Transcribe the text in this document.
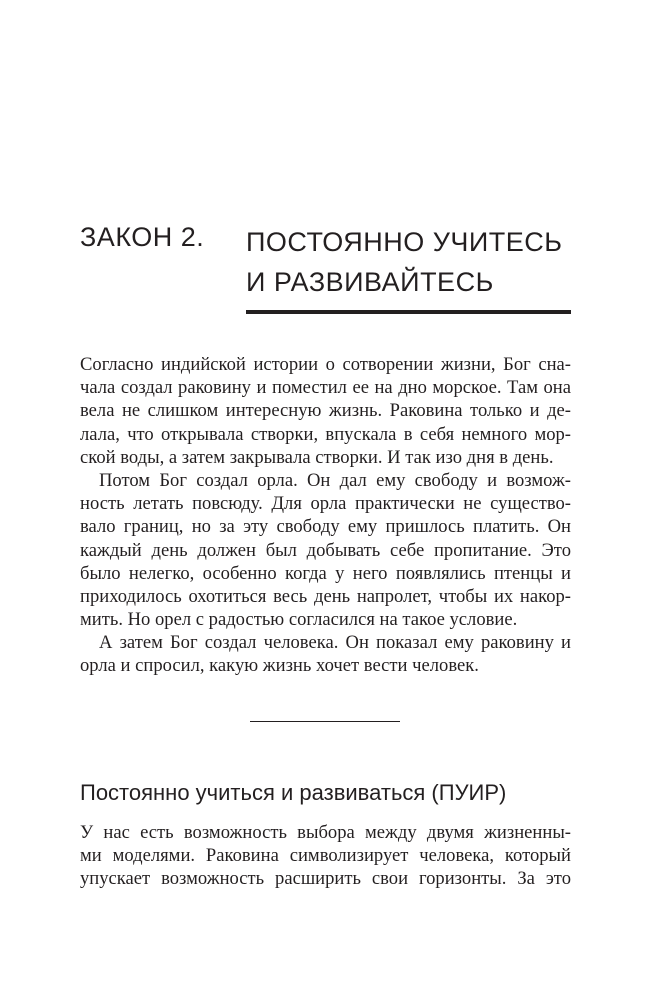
ЗАКОН 2. ПОСТОЯННО УЧИТЕСЬ
И РАЗВИВАЙТЕСЬ
Согласно индийской истории о сотворении жизни, Бог сна-
чала создал раковину и поместил ее на дно морское. Там она
вела не слишком интересную жизнь. Раковина только и де-
лала, что открывала створки, впускала в себя немного мор-
ской воды, а затем закрывала створки. И так изо дня в день.
Потом Бог создал орла. Он дал ему свободу и возмож-
ность летать повсюду. Для орла практически не существо-
вало границ, но за эту свободу ему пришлось платить. Он
каждый день должен был добывать себе пропитание. Это
было нелегко, особенно когда у него появлялись птенцы и
приходилось охотиться весь день напролет, чтобы их накор-
мить. Но орел с радостью согласился на такое условие.
А затем Бог создал человека. Он показал ему раковину и
орла и спросил, какую жизнь хочет вести человек.
Постоянно учиться и развиваться (ПУИР)
У нас есть возможность выбора между двумя жизненны-
ми моделями. Раковина символизирует человека, который
упускает возможность расширить свои горизонты. За это
